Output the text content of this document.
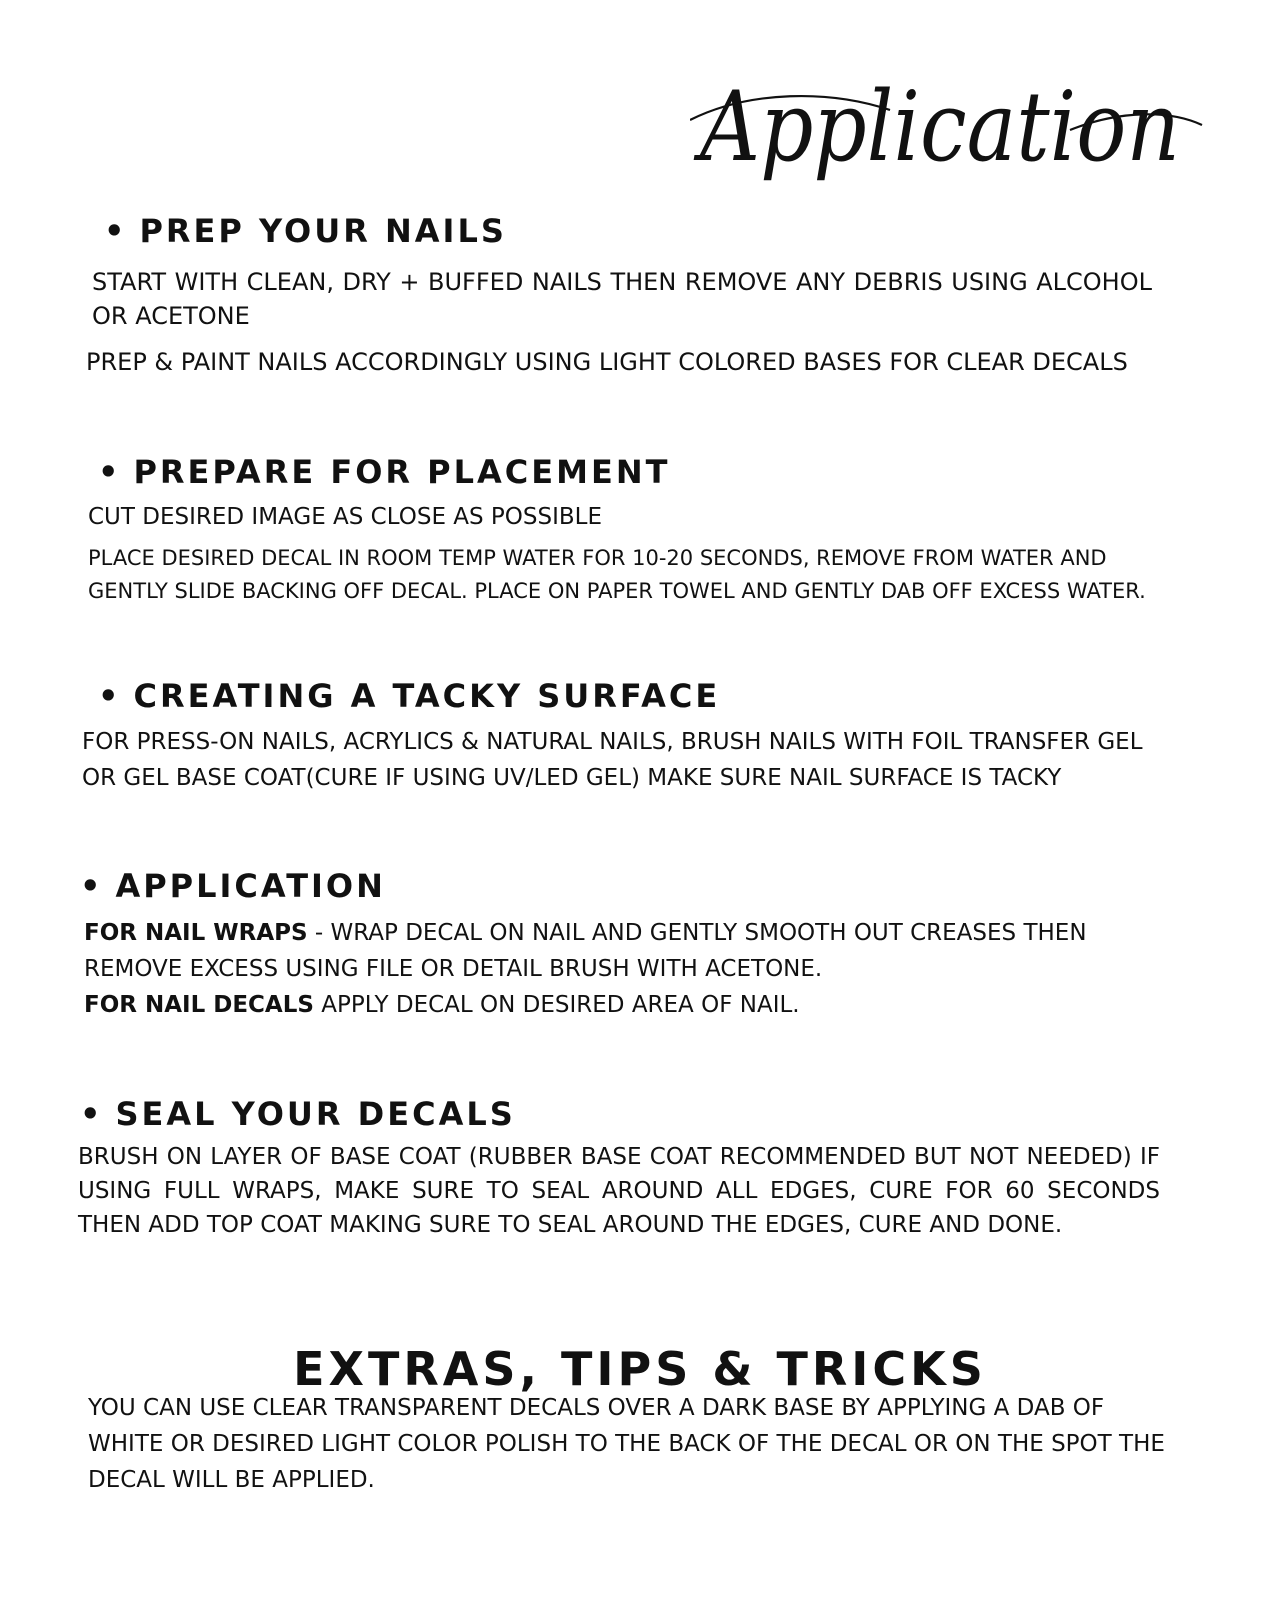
Application
• PREP YOUR NAILS

START WITH CLEAN, DRY + BUFFED NAILS THEN REMOVE ANY DEBRIS USING ALCOHOL OR ACETONE

PREP & PAINT NAILS ACCORDINGLY USING LIGHT COLORED BASES FOR CLEAR DECALS

• PREPARE FOR PLACEMENT

CUT DESIRED IMAGE AS CLOSE AS POSSIBLE

PLACE DESIRED DECAL IN ROOM TEMP WATER FOR 10-20 SECONDS, REMOVE FROM WATER AND GENTLY SLIDE BACKING OFF DECAL. PLACE ON PAPER TOWEL AND GENTLY DAB OFF EXCESS WATER.

• CREATING A TACKY SURFACE

FOR PRESS-ON NAILS, ACRYLICS & NATURAL NAILS, BRUSH NAILS WITH FOIL TRANSFER GEL OR GEL BASE COAT(CURE IF USING UV/LED GEL) MAKE SURE NAIL SURFACE IS TACKY

• APPLICATION

FOR NAIL WRAPS - WRAP DECAL ON NAIL AND GENTLY SMOOTH OUT CREASES THEN REMOVE EXCESS USING FILE OR DETAIL BRUSH WITH ACETONE.

FOR NAIL DECALS APPLY DECAL ON DESIRED AREA OF NAIL.

• SEAL YOUR DECALS

BRUSH ON LAYER OF BASE COAT (RUBBER BASE COAT RECOMMENDED BUT NOT NEEDED) IF USING FULL WRAPS, MAKE SURE TO SEAL AROUND ALL EDGES, CURE FOR 60 SECONDS THEN ADD TOP COAT MAKING SURE TO SEAL AROUND THE EDGES, CURE AND DONE.

EXTRAS, TIPS & TRICKS

YOU CAN USE CLEAR TRANSPARENT DECALS OVER A DARK BASE BY APPLYING A DAB OF WHITE OR DESIRED LIGHT COLOR POLISH TO THE BACK OF THE DECAL OR ON THE SPOT THE DECAL WILL BE APPLIED.
